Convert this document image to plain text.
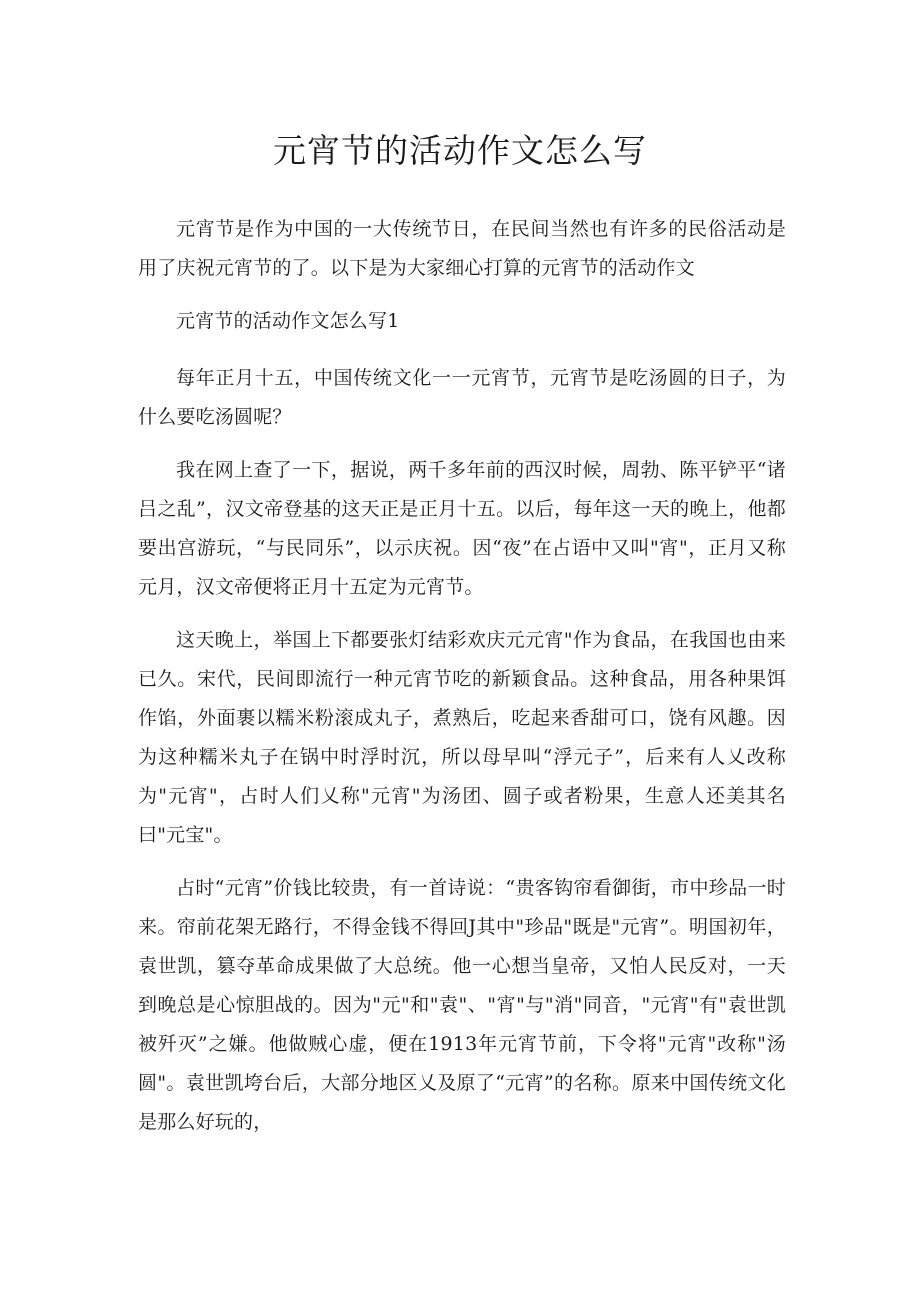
元宵节的活动作文怎么写

元宵节是作为中国的一大传统节日，在民间当然也有许多的民俗活动是用了庆祝元宵节的了。以下是为大家细心打算的元宵节的活动作文

元宵节的活动作文怎么写1

每年正月十五，中国传统文化一一元宵节，元宵节是吃汤圆的日子，为什么要吃汤圆呢？

我在网上查了一下，据说，两千多年前的西汉时候，周勃、陈平铲平“诸吕之乱”，汉文帝登基的这天正是正月十五。以后，每年这一天的晚上，他都要出宫游玩，“与民同乐”，以示庆祝。因“夜”在占语中又叫"宵"，正月又称元月，汉文帝便将正月十五定为元宵节。

这天晚上，举国上下都要张灯结彩欢庆元元宵"作为食品，在我国也由来已久。宋代，民间即流行一种元宵节吃的新颖食品。这种食品，用各种果饵作馅，外面裹以糯米粉滚成丸子，煮熟后，吃起来香甜可口，饶有风趣。因为这种糯米丸子在锅中时浮时沉，所以母早叫“浮元子”，后来有人乂改称为"元宵"，占时人们乂称"元宵"为汤团、圆子或者粉果，生意人还美其名曰"元宝"。

占时“元宵”价钱比较贵，有一首诗说：“贵客钩帘看御街，市中珍品一时来。帘前花架无路行，不得金钱不得回J其中"珍品"既是"元宵”。明国初年，袁世凯，篡夺革命成果做了大总统。他一心想当皇帝，又怕人民反对，一天到晚总是心惊胆战的。因为"元"和"袁"、"宵"与"消"同音，"元宵"有"袁世凯被歼灭”之嫌。他做贼心虚，便在1913年元宵节前，下令将"元宵"改称"汤圆"。袁世凯垮台后，大部分地区乂及原了“元宵”的名称。原来中国传统文化是那么好玩的，
